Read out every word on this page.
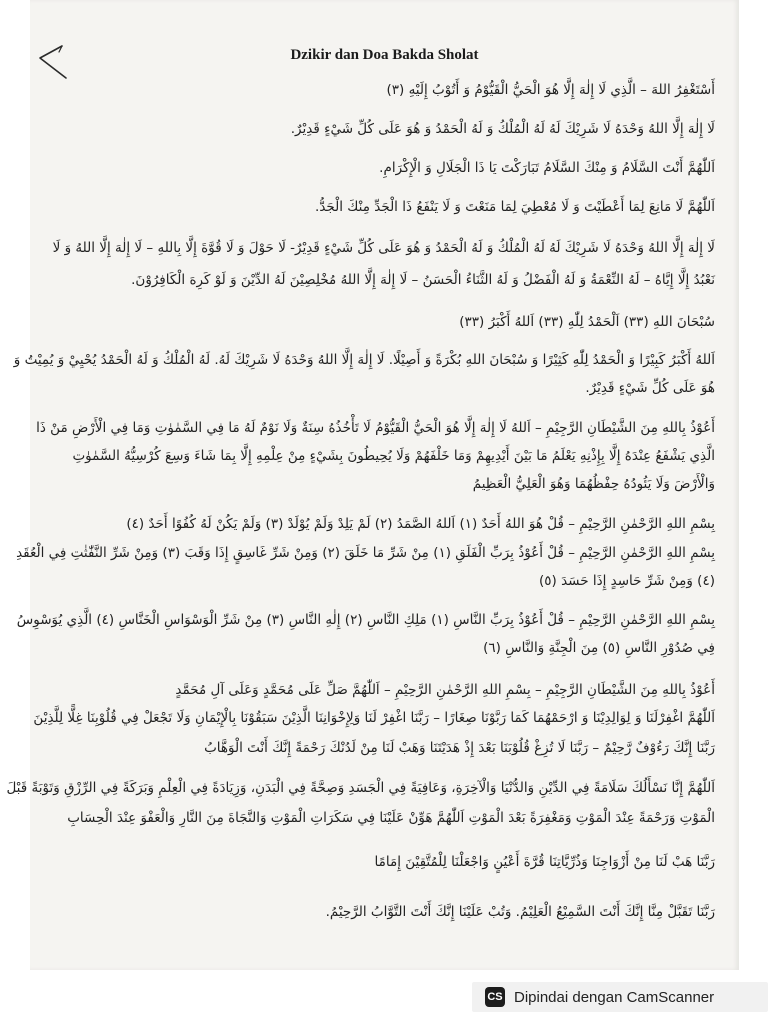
Dzikir dan Doa Bakda Sholat
أَسْتَغْفِرُ اللهَ – الَّذِي لَا إِلٰهَ إِلَّا هُوَ الْحَيُّ الْقَيُّوْمُ وَ أَتُوْبُ إِلَيْهِ (٣)
لَا إِلٰهَ إِلَّا اللهُ وَحْدَهُ لَا شَرِيْكَ لَهُ لَهُ الْمُلْكُ وَ لَهُ الْحَمْدُ وَ هُوَ عَلَى كُلِّ شَيْءٍ قَدِيْرٌ.
اَللّٰهُمَّ أَنْتَ السَّلَامُ وَ مِنْكَ السَّلَامُ تَبَارَكْتَ يَا ذَا الْجَلَالِ وَ الْإِكْرَامِ.
اَللّٰهُمَّ لَا مَانِعَ لِمَا أَعْطَيْتَ وَ لَا مُعْطِيَ لِمَا مَنَعْتَ وَ لَا يَنْفَعُ ذَا الْجَدِّ مِنْكَ الْجَدُّ.
لَا إِلٰهَ إِلَّا اللهُ وَحْدَهُ لَا شَرِيْكَ لَهُ لَهُ الْمُلْكُ وَ لَهُ الْحَمْدُ وَ هُوَ عَلَى كُلِّ شَيْءٍ قَدِيْرٌ- لَا حَوْلَ وَ لَا قُوَّةَ إِلَّا بِاللهِ – لَا إِلٰهَ إِلَّا اللهُ وَ لَا
نَعْبُدُ إِلَّا إِيَّاهُ – لَهُ النِّعْمَةُ وَ لَهُ الْفَضْلُ وَ لَهُ الثَّنَاءُ الْحَسَنُ – لَا إِلٰهَ إِلَّا اللهُ مُخْلِصِيْنَ لَهُ الدِّيْنَ وَ لَوْ كَرِهَ الْكَافِرُوْنَ.
سُبْحَانَ اللهِ (٣٣) اَلْحَمْدُ لِلّٰهِ (٣٣) اَللهُ أَكْبَرُ (٣٣)
اَللهُ أَكْبَرُ كَبِيْرًا وَ الْحَمْدُ لِلّٰهِ كَثِيْرًا وَ سُبْحَانَ اللهِ بُكْرَةً وَ أَصِيْلًا. لَا إِلٰهَ إِلَّا اللهُ وَحْدَهُ لَا شَرِيْكَ لَهُ. لَهُ الْمُلْكُ وَ لَهُ الْحَمْدُ يُحْيِيْ وَ يُمِيْتُ وَ
هُوَ عَلَى كُلِّ شَيْءٍ قَدِيْرٌ.
أَعُوْذُ بِاللهِ مِنَ الشَّيْطَانِ الرَّجِيْمِ – اَللهُ لَا إِلٰهَ إِلَّا هُوَ الْحَيُّ الْقَيُّوْمُ لَا تَأْخُذُهُ سِنَةٌ وَلَا نَوْمٌ لَهُ مَا فِي السَّمٰوٰتِ وَمَا فِي الْأَرْضِ مَنْ ذَا
الَّذِي يَشْفَعُ عِنْدَهُ إِلَّا بِإِذْنِهِ يَعْلَمُ مَا بَيْنَ أَيْدِيهِمْ وَمَا خَلْفَهُمْ وَلَا يُحِيطُونَ بِشَيْءٍ مِنْ عِلْمِهِ إِلَّا بِمَا شَاءَ وَسِعَ كُرْسِيُّهُ السَّمٰوٰتِ
وَالْأَرْضَ وَلَا يَئُودُهُ حِفْظُهُمَا وَهُوَ الْعَلِيُّ الْعَظِيمُ
بِسْمِ اللهِ الرَّحْمٰنِ الرَّحِيْمِ – قُلْ هُوَ اللهُ أَحَدٌ (١) اَللهُ الصَّمَدُ (٢) لَمْ يَلِدْ وَلَمْ يُوْلَدْ (٣) وَلَمْ يَكُنْ لَهُ كُفُوًا أَحَدٌ (٤)
بِسْمِ اللهِ الرَّحْمٰنِ الرَّحِيْمِ – قُلْ أَعُوْذُ بِرَبِّ الْفَلَقِ (١) مِنْ شَرِّ مَا خَلَقَ (٢) وَمِنْ شَرِّ غَاسِقٍ إِذَا وَقَبَ (٣) وَمِنْ شَرِّ النَّفّٰثٰتِ فِي الْعُقَدِ
(٤) وَمِنْ شَرِّ حَاسِدٍ إِذَا حَسَدَ (٥)
بِسْمِ اللهِ الرَّحْمٰنِ الرَّحِيْمِ – قُلْ أَعُوْذُ بِرَبِّ النَّاسِ (١) مَلِكِ النَّاسِ (٢) إِلٰهِ النَّاسِ (٣) مِنْ شَرِّ الْوَسْوَاسِ الْخَنَّاسِ (٤) الَّذِي يُوَسْوِسُ
فِي صُدُوْرِ النَّاسِ (٥) مِنَ الْجِنَّةِ وَالنَّاسِ (٦)
أَعُوْذُ بِاللهِ مِنَ الشَّيْطَانِ الرَّجِيْمِ – بِسْمِ اللهِ الرَّحْمٰنِ الرَّحِيْمِ – اَللّٰهُمَّ صَلِّ عَلَى مُحَمَّدٍ وَعَلَى آلِ مُحَمَّدٍ
اَللّٰهُمَّ اغْفِرْلَنَا وَ لِوَالِدِيْنَا وَ ارْحَمْهُمَا كَمَا رَبَّوْنَا صِغَارًا – رَبَّنَا اغْفِرْ لَنَا وَلِإِخْوَانِنَا الَّذِيْنَ سَبَقُوْنَا بِالْإِيْمَانِ وَلَا تَجْعَلْ فِي قُلُوْبِنَا غِلًّا لِلَّذِيْنَ
رَبَّنَا إِنَّكَ رَءُوْفٌ رَّحِيْمٌ – رَبَّنَا لَا تُزِغْ قُلُوْبَنَا بَعْدَ إِذْ هَدَيْتَنَا وَهَبْ لَنَا مِنْ لَدُنْكَ رَحْمَةً إِنَّكَ أَنْتَ الْوَهَّابُ
اَللّٰهُمَّ إِنَّا نَسْأَلُكَ سَلَامَةً فِي الدِّيْنِ وَالدُّنْيَا وَالْآخِرَةِ، وَعَافِيَةً فِي الْجَسَدِ وَصِحَّةً فِي الْبَدَنِ، وَزِيَادَةً فِي الْعِلْمِ وَبَرَكَةً فِي الرِّزْقِ وَتَوْبَةً قَبْلَ
الْمَوْتِ وَرَحْمَةً عِنْدَ الْمَوْتِ وَمَغْفِرَةً بَعْدَ الْمَوْتِ اَللّٰهُمَّ هَوِّنْ عَلَيْنَا فِي سَكَرَاتِ الْمَوْتِ وَالنَّجَاةَ مِنَ النَّارِ وَالْعَفْوَ عِنْدَ الْحِسَابِ
رَبَّنَا هَبْ لَنَا مِنْ أَزْوَاجِنَا وَذُرِّيَّاتِنَا قُرَّةَ أَعْيُنٍ وَاجْعَلْنَا لِلْمُتَّقِيْنَ إِمَامًا
رَبَّنَا تَقَبَّلْ مِنَّا إِنَّكَ أَنْتَ السَّمِيْعُ الْعَلِيْمُ. وَتُبْ عَلَيْنَا إِنَّكَ أَنْتَ التَّوَّابُ الرَّحِيْمُ.
CS Dipindai dengan CamScanner
